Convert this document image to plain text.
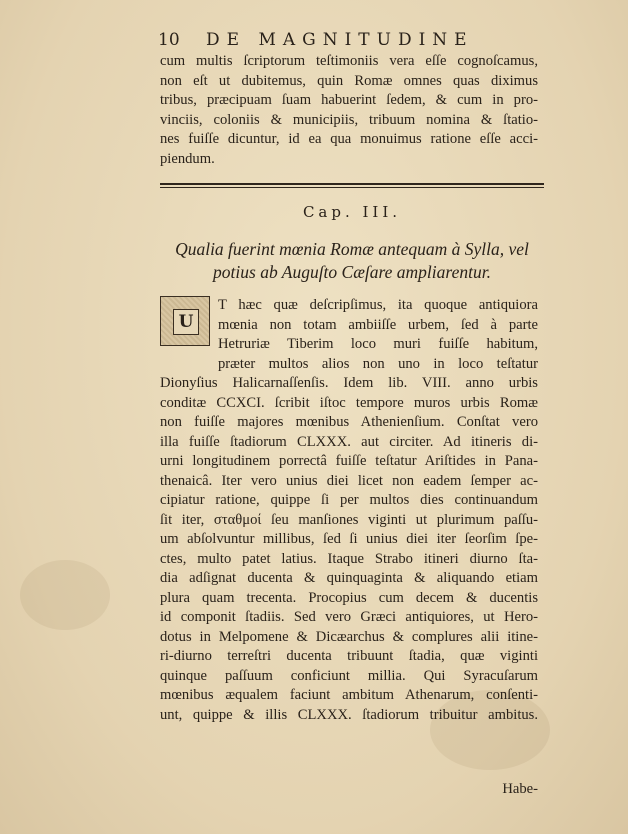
10	DE MAGNITUDINE
cum multis ſcriptorum teſtimoniis vera eſſe cognoſcamus,
non eſt ut dubitemus, quin Romæ omnes quas diximus
tribus, præcipuam ſuam habuerint ſedem, & cum in pro-
vinciis, coloniis & municipiis, tribuum nomina & ſtatio-
nes fuiſſe dicuntur, id ea qua monuimus ratione eſſe acci-
piendum.
Cap. III.
Qualia fuerint mœnia Romæ antequam à Sylla, vel
potius ab Auguſto Cæſare ampliarentur.
U
T hæc quæ deſcripſimus, ita quoque antiquiora
mœnia non totam ambiiſſe urbem, ſed à parte
Hetruriæ Tiberim loco muri fuiſſe habitum,
præter multos alios non uno in loco teſtatur
Dionyſius Halicarnaſſenſis. Idem lib. VIII. anno urbis
conditæ CCXCI. ſcribit iſtoc tempore muros urbis Romæ
non fuiſſe majores mœnibus Athenienſium. Conſtat vero
illa fuiſſe ſtadiorum CLXXX. aut circiter. Ad itineris di-
urni longitudinem porrectâ fuiſſe teſtatur Ariſtides in Pana-
thenaicâ. Iter vero unius diei licet non eadem ſemper ac-
cipiatur ratione, quippe ſi per multos dies continuandum
ſit iter, σταθμοί ſeu manſiones viginti ut plurimum paſſu-
um abſolvuntur millibus, ſed ſi unius diei iter ſeorſim ſpe-
ctes, multo patet latius. Itaque Strabo itineri diurno ſta-
dia adſignat ducenta & quinquaginta & aliquando etiam
plura quam trecenta. Procopius cum decem & ducentis
id componit ſtadiis. Sed vero Græci antiquiores, ut Hero-
dotus in Melpomene & Dicæarchus & complures alii itine-
ri-diurno terreſtri ducenta tribuunt ſtadia, quæ viginti
quinque paſſuum conficiunt millia. Qui Syracuſarum
mœnibus æqualem faciunt ambitum Athenarum, conſenti-
unt, quippe & illis CLXXX. ſtadiorum tribuitur ambitus.
Habe-
